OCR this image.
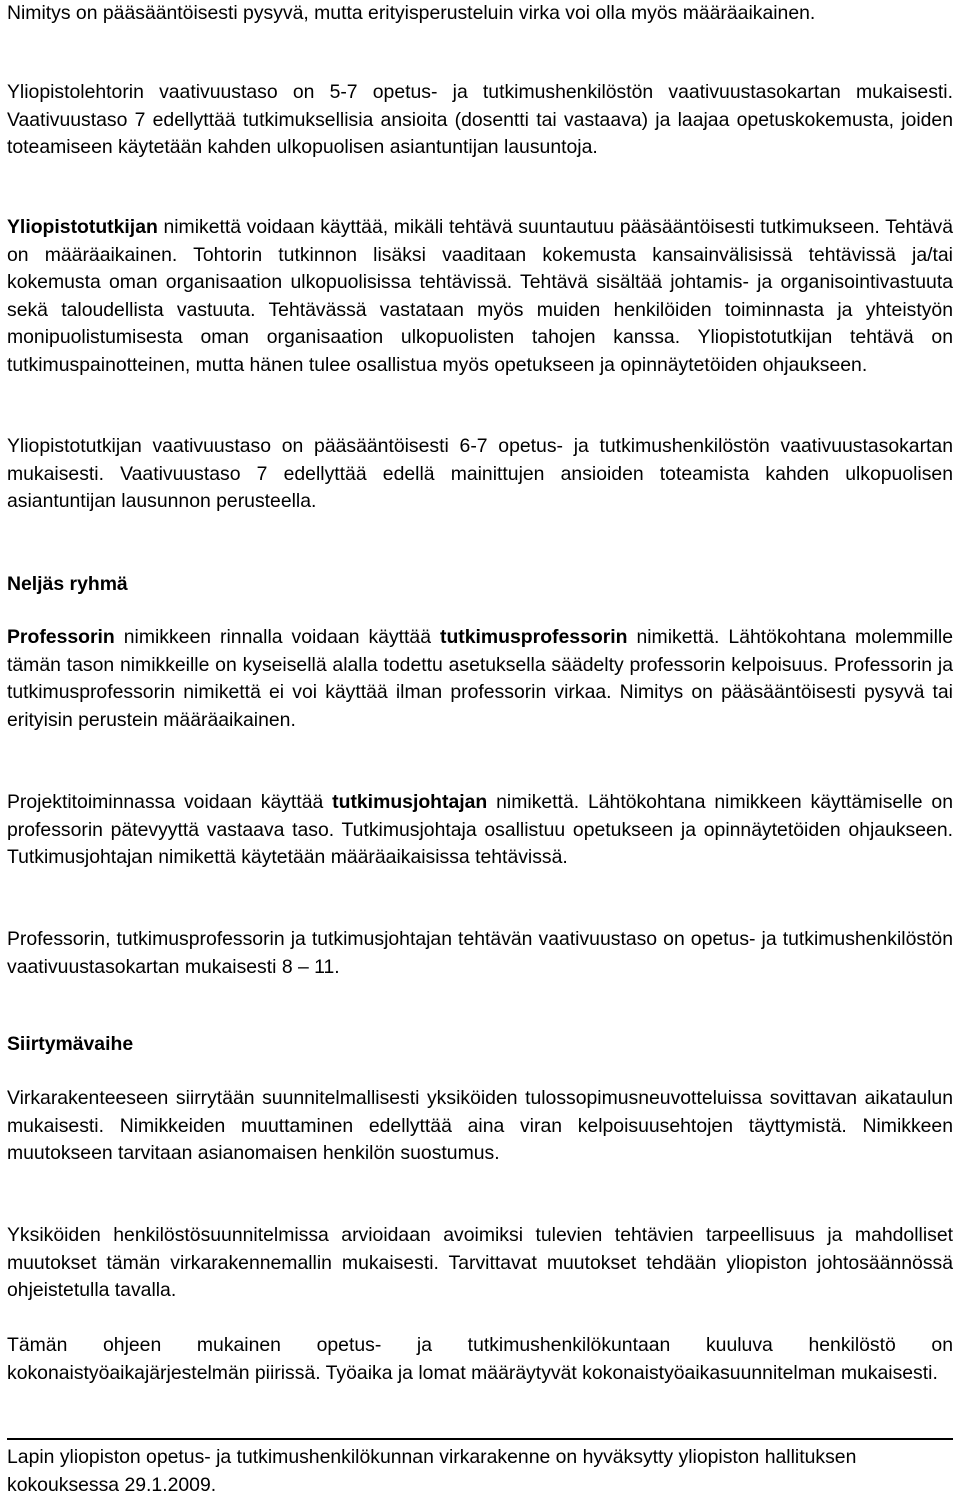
Nimitys on pääsääntöisesti pysyvä, mutta erityisperusteluin virka voi olla myös määräaikainen.

Yliopistolehtorin vaativuustaso on 5-7 opetus- ja tutkimushenkilöstön vaativuustasokartan mukaisesti. Vaativuustaso 7 edellyttää tutkimuksellisia ansioita (dosentti tai vastaava) ja laajaa opetuskokemusta, joiden toteamiseen käytetään kahden ulkopuolisen asiantuntijan lausuntoja.

Yliopistotutkijan nimikettä voidaan käyttää, mikäli tehtävä suuntautuu pääsääntöisesti tutkimukseen. Tehtävä on määräaikainen. Tohtorin tutkinnon lisäksi vaaditaan kokemusta kansainvälisissä tehtävissä ja/tai kokemusta oman organisaation ulkopuolisissa tehtävissä. Tehtävä sisältää johtamis- ja organisointivastuuta sekä taloudellista vastuuta. Tehtävässä vastataan myös muiden henkilöiden toiminnasta ja yhteistyön monipuolistumisesta oman organisaation ulkopuolisten tahojen kanssa. Yliopistotutkijan tehtävä on tutkimuspainotteinen, mutta hänen tulee osallistua myös opetukseen ja opinnäytetöiden ohjaukseen.

Yliopistotutkijan vaativuustaso on pääsääntöisesti 6-7 opetus- ja tutkimushenkilöstön vaativuustasokartan mukaisesti. Vaativuustaso 7 edellyttää edellä mainittujen ansioiden toteamista kahden ulkopuolisen asiantuntijan lausunnon perusteella.

Neljäs ryhmä

Professorin nimikkeen rinnalla voidaan käyttää tutkimusprofessorin nimikettä. Lähtökohtana molemmille tämän tason nimikkeille on kyseisellä alalla todettu asetuksella säädelty professorin kelpoisuus. Professorin ja tutkimusprofessorin nimikettä ei voi käyttää ilman professorin virkaa. Nimitys on pääsääntöisesti pysyvä tai erityisin perustein määräaikainen.

Projektitoiminnassa voidaan käyttää tutkimusjohtajan nimikettä. Lähtökohtana nimikkeen käyttämiselle on professorin pätevyyttä vastaava taso. Tutkimusjohtaja osallistuu opetukseen ja opinnäytetöiden ohjaukseen. Tutkimusjohtajan nimikettä käytetään määräaikaisissa tehtävissä.

Professorin, tutkimusprofessorin ja tutkimusjohtajan tehtävän vaativuustaso on opetus- ja tutkimushenkilöstön vaativuustasokartan mukaisesti 8 – 11.

Siirtymävaihe

Virkarakenteeseen siirrytään suunnitelmallisesti yksiköiden tulossopimusneuvotteluissa sovittavan aikataulun mukaisesti. Nimikkeiden muuttaminen edellyttää aina viran kelpoisuusehtojen täyttymistä. Nimikkeen muutokseen tarvitaan asianomaisen henkilön suostumus.

Yksiköiden henkilöstösuunnitelmissa arvioidaan avoimiksi tulevien tehtävien tarpeellisuus ja mahdolliset muutokset tämän virkarakennemallin mukaisesti. Tarvittavat muutokset tehdään yliopiston johtosäännössä ohjeistetulla tavalla.

Tämän ohjeen mukainen opetus- ja tutkimushenkilökuntaan kuuluva henkilöstö on kokonaistyöaikajärjestelmän piirissä. Työaika ja lomat määräytyvät kokonaistyöaikasuunnitelman mukaisesti.

Lapin yliopiston opetus- ja tutkimushenkilökunnan virkarakenne on hyväksytty yliopiston hallituksen kokouksessa 29.1.2009.
